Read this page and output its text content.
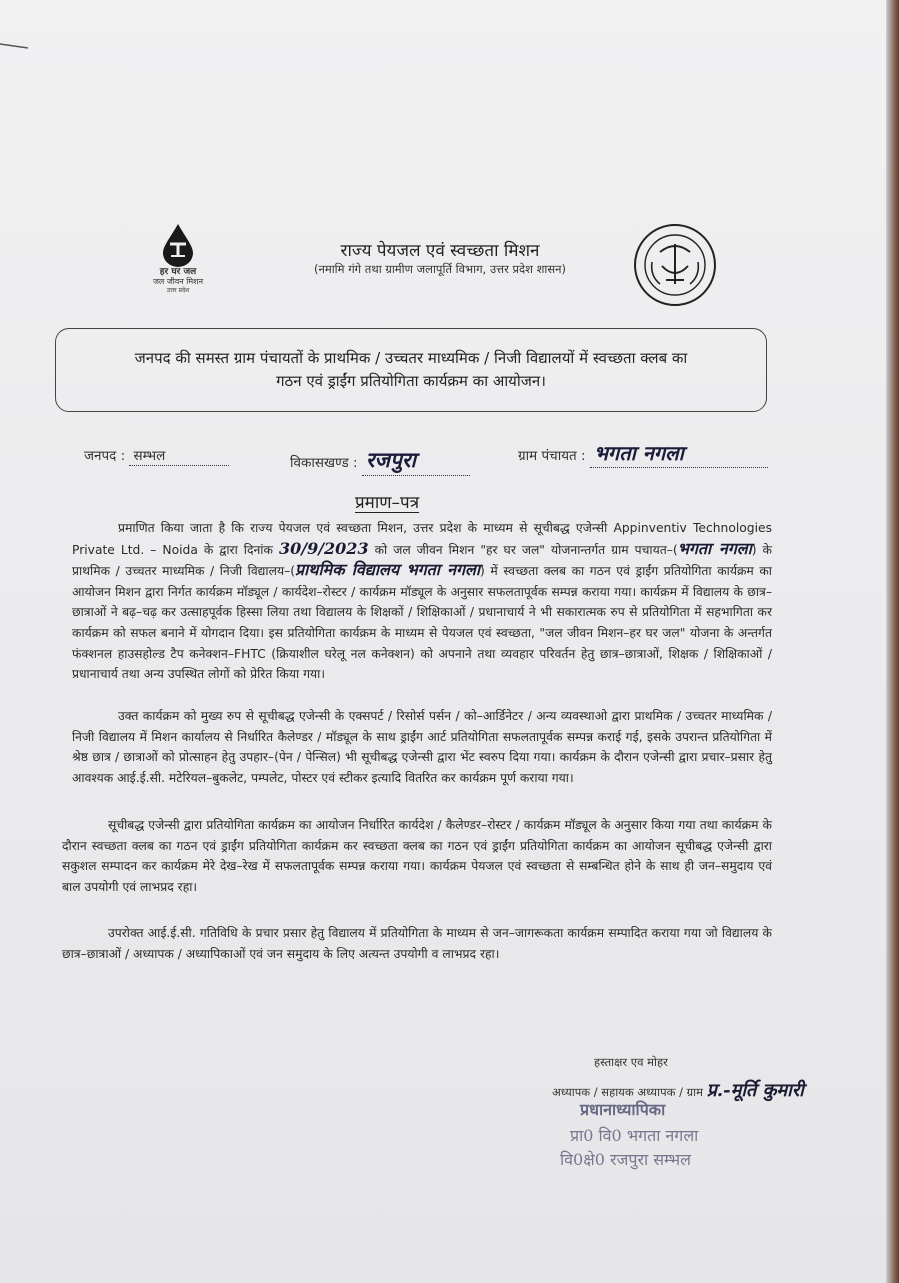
हर घर जल
जल जीवन मिशन
उत्तर प्रदेश
राज्य पेयजल एवं स्वच्छता मिशन
(नमामि गंगे तथा ग्रामीण जलापूर्ति विभाग, उत्तर प्रदेश शासन)
जनपद की समस्त ग्राम पंचायतों के प्राथमिक / उच्चतर माध्यमिक / निजी विद्यालयों में स्वच्छता क्लब का
गठन एवं ड्राईंग प्रतियोगिता कार्यक्रम का आयोजन।
जनपद : सम्भल	विकासखण्ड : रजपुरा	ग्राम पंचायत : भगता नगला
प्रमाण–पत्र
प्रमाणित किया जाता है कि राज्य पेयजल एवं स्वच्छता मिशन, उत्तर प्रदेश के माध्यम से सूचीबद्ध एजेन्सी Appinventiv Technologies Private Ltd. – Noida के द्वारा दिनांक 30/9/2023 को जल जीवन मिशन "हर घर जल" योजनान्तर्गत ग्राम पचायत–(भगता नगला) के प्राथमिक / उच्चतर माध्यमिक / निजी विद्यालय–(प्राथमिक विद्यालय भगता नगला) में स्वच्छता क्लब का गठन एवं ड्राईंग प्रतियोगिता कार्यक्रम का आयोजन मिशन द्वारा निर्गत कार्यक्रम मॉड्यूल / कार्यदेश–रोस्टर / कार्यक्रम मॉड्यूल के अनुसार सफलतापूर्वक सम्पन्न कराया गया। कार्यक्रम में विद्यालय के छात्र–छात्राओं ने बढ़–चढ़ कर उत्साहपूर्वक हिस्सा लिया तथा विद्यालय के शिक्षकों / शिक्षिकाओं / प्रधानाचार्य ने भी सकारात्मक रुप से प्रतियोगिता में सहभागिता कर कार्यक्रम को सफल बनाने में योगदान दिया। इस प्रतियोगिता कार्यक्रम के माध्यम से पेयजल एवं स्वच्छता, "जल जीवन मिशन–हर घर जल" योजना के अन्तर्गत फंक्शनल हाउसहोल्ड टैप कनेक्शन–FHTC (क्रियाशील घरेलू नल कनेक्शन) को अपनाने तथा व्यवहार परिवर्तन हेतु छात्र–छात्राओं, शिक्षक / शिक्षिकाओं / प्रधानाचार्य तथा अन्य उपस्थित लोगों को प्रेरित किया गया।
उक्त कार्यक्रम को मुख्य रुप से सूचीबद्ध एजेन्सी के एक्सपर्ट / रिसोर्स पर्सन / को–आर्डिनेटर / अन्य व्यवस्थाओ द्वारा प्राथमिक / उच्चतर माध्यमिक / निजी विद्यालय में मिशन कार्यालय से निर्धारित कैलेण्डर / मॉड्यूल के साथ ड्राईंग आर्ट प्रतियोगिता सफलतापूर्वक सम्पन्न कराई गई, इसके उपरान्त प्रतियोगिता में श्रेष्ठ छात्र / छात्राओं को प्रोत्साहन हेतु उपहार–(पेन / पेन्सिल) भी सूचीबद्ध एजेन्सी द्वारा भेंट स्वरुप दिया गया। कार्यक्रम के दौरान एजेन्सी द्वारा प्रचार–प्रसार हेतु आवश्यक आई.ई.सी. मटेरियल–बुकलेट, पम्पलेट, पोस्टर एवं स्टीकर इत्यादि वितरित कर कार्यक्रम पूर्ण कराया गया।
सूचीबद्ध एजेन्सी द्वारा प्रतियोगिता कार्यक्रम का आयोजन निर्धारित कार्यदेश / कैलेण्डर–रोस्टर / कार्यक्रम मॉड्यूल के अनुसार किया गया तथा कार्यक्रम के दौरान स्वच्छता क्लब का गठन एवं ड्राईंग प्रतियोगिता कार्यक्रम कर स्वच्छता क्लब का गठन एवं ड्राईंग प्रतियोगिता कार्यक्रम का आयोजन सूचीबद्ध एजेन्सी द्वारा सकुशल सम्पादन कर कार्यक्रम मेरे देख–रेख में सफलतापूर्वक सम्पन्न कराया गया। कार्यक्रम पेयजल एवं स्वच्छता से सम्बन्धित होने के साथ ही जन–समुदाय एवं बाल उपयोगी एवं लाभप्रद रहा।
उपरोक्त आई.ई.सी. गतिविधि के प्रचार प्रसार हेतु विद्यालय में प्रतियोगिता के माध्यम से जन–जागरूकता कार्यक्रम सम्पादित कराया गया जो विद्यालय के छात्र–छात्राओं / अध्यापक / अध्यापिकाओं एवं जन समुदाय के लिए अत्यन्त उपयोगी व लाभप्रद रहा।
हस्ताक्षर एव मोहर
अध्यापक / सहायक अध्यापक / ग्राम प्र.-मूर्ति कुमारी
प्रधानाध्यापिका
प्रा0 वि0 भगता नगला
वि0क्षे0 रजपुरा सम्भल
